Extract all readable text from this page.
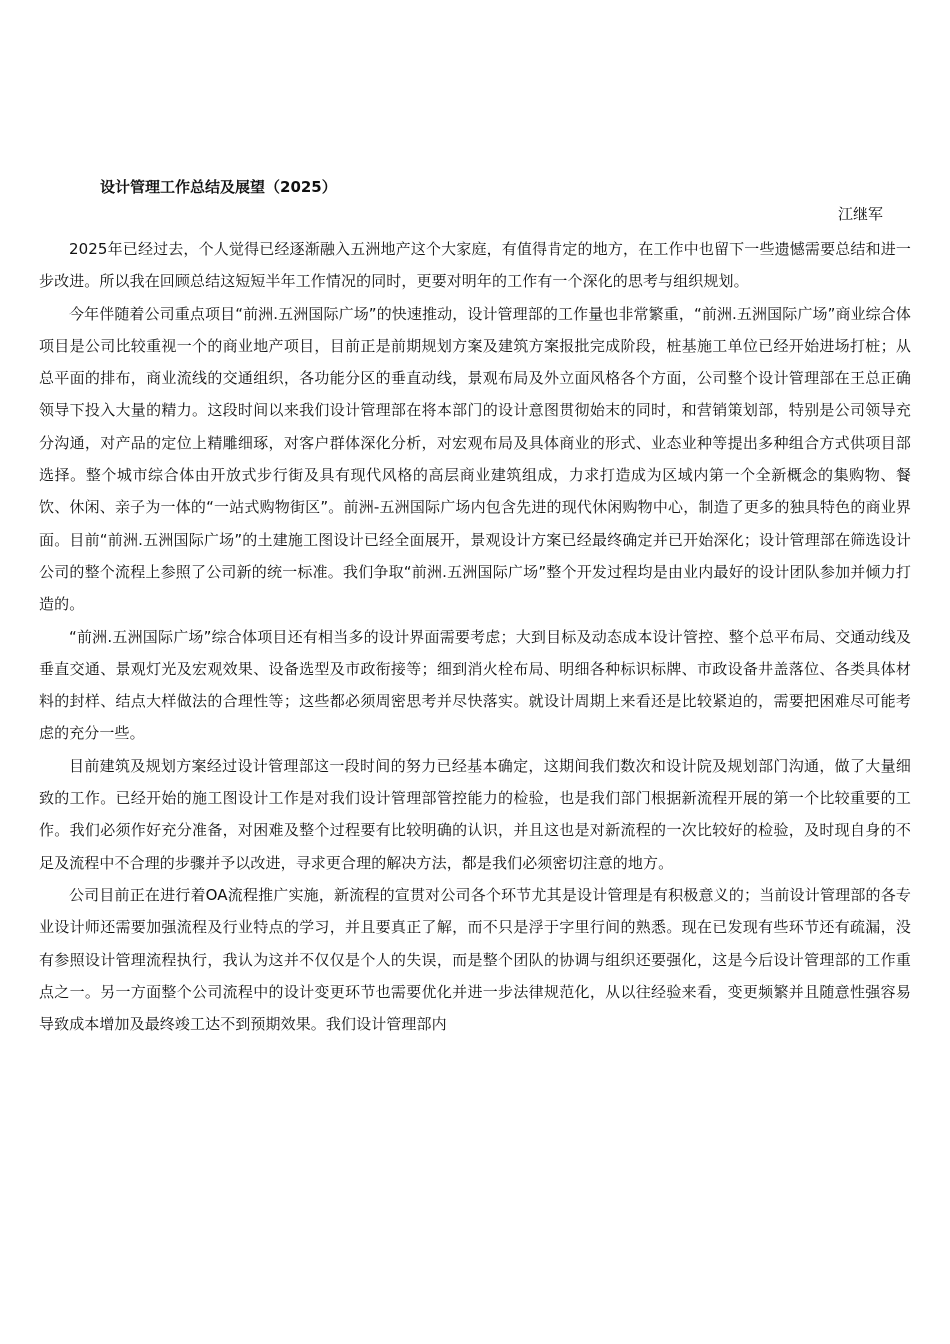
设计管理工作总结及展望（2025）
江继军

2025年已经过去，个人觉得已经逐渐融入五洲地产这个大家庭，有值得肯定的地方，在工作中也留下一些遗憾需要总结和进一步改进。所以我在回顾总结这短短半年工作情况的同时，更要对明年的工作有一个深化的思考与组织规划。

今年伴随着公司重点项目“前洲.五洲国际广场”的快速推动，设计管理部的工作量也非常繁重，“前洲.五洲国际广场”商业综合体项目是公司比较重视一个的商业地产项目，目前正是前期规划方案及建筑方案报批完成阶段，桩基施工单位已经开始进场打桩；从总平面的排布，商业流线的交通组织，各功能分区的垂直动线，景观布局及外立面风格各个方面，公司整个设计管理部在王总正确领导下投入大量的精力。这段时间以来我们设计管理部在将本部门的设计意图贯彻始末的同时，和营销策划部，特别是公司领导充分沟通，对产品的定位上精雕细琢，对客户群体深化分析，对宏观布局及具体商业的形式、业态业种等提出多种组合方式供项目部选择。整个城市综合体由开放式步行街及具有现代风格的高层商业建筑组成，力求打造成为区域内第一个全新概念的集购物、餐饮、休闲、亲子为一体的“一站式购物街区”。前洲-五洲国际广场内包含先进的现代休闲购物中心，制造了更多的独具特色的商业界面。目前“前洲.五洲国际广场”的土建施工图设计已经全面展开，景观设计方案已经最终确定并已开始深化；设计管理部在筛选设计公司的整个流程上参照了公司新的统一标准。我们争取“前洲.五洲国际广场”整个开发过程均是由业内最好的设计团队参加并倾力打造的。

“前洲.五洲国际广场”综合体项目还有相当多的设计界面需要考虑；大到目标及动态成本设计管控、整个总平布局、交通动线及垂直交通、景观灯光及宏观效果、设备选型及市政衔接等；细到消火栓布局、明细各种标识标牌、市政设备井盖落位、各类具体材料的封样、结点大样做法的合理性等；这些都必须周密思考并尽快落实。就设计周期上来看还是比较紧迫的，需要把困难尽可能考虑的充分一些。

目前建筑及规划方案经过设计管理部这一段时间的努力已经基本确定，这期间我们数次和设计院及规划部门沟通，做了大量细致的工作。已经开始的施工图设计工作是对我们设计管理部管控能力的检验，也是我们部门根据新流程开展的第一个比较重要的工作。我们必须作好充分准备，对困难及整个过程要有比较明确的认识，并且这也是对新流程的一次比较好的检验，及时现自身的不足及流程中不合理的步骤并予以改进，寻求更合理的解决方法，都是我们必须密切注意的地方。

公司目前正在进行着OA流程推广实施，新流程的宣贯对公司各个环节尤其是设计管理是有积极意义的；当前设计管理部的各专业设计师还需要加强流程及行业特点的学习，并且要真正了解，而不只是浮于字里行间的熟悉。现在已发现有些环节还有疏漏，没有参照设计管理流程执行，我认为这并不仅仅是个人的失误，而是整个团队的协调与组织还要强化，这是今后设计管理部的工作重点之一。另一方面整个公司流程中的设计变更环节也需要优化并进一步法律规范化，从以往经验来看，变更频繁并且随意性强容易导致成本增加及最终竣工达不到预期效果。我们设计管理部内
